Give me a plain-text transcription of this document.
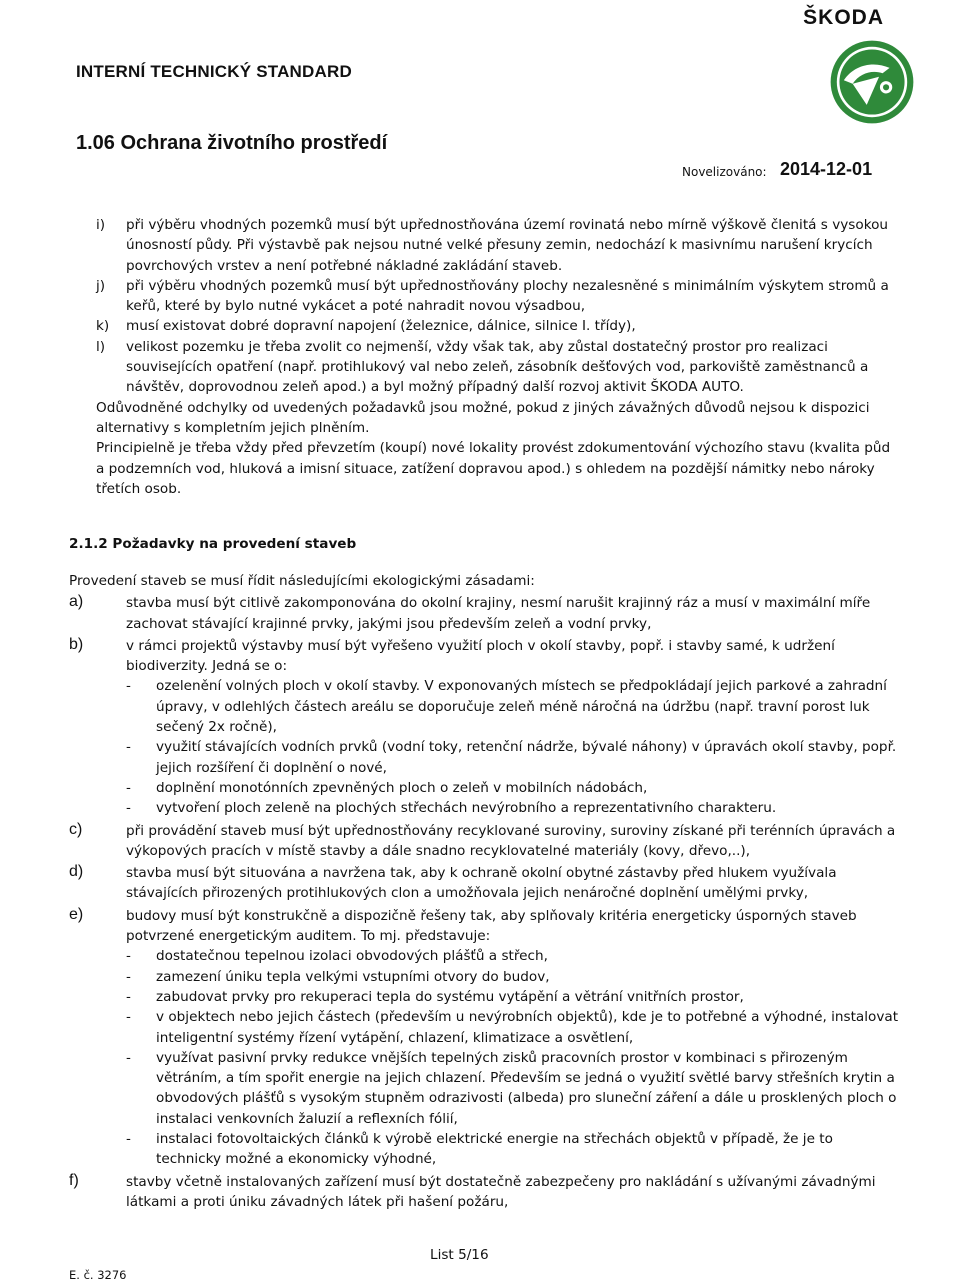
ŠKODA
INTERNÍ TECHNICKÝ STANDARD
1.06 Ochrana životního prostředí
Novelizováno: 2014-12-01
i) při výběru vhodných pozemků musí být upřednostňována území rovinatá nebo mírně výškově členitá s vysokou únosností půdy. Při výstavbě pak nejsou nutné velké přesuny zemin, nedochází k masivnímu narušení krycích povrchových vrstev a není potřebné nákladné zakládání staveb.
j) při výběru vhodných pozemků musí být upřednostňovány plochy nezalesněné s minimálním výskytem stromů a keřů, které by bylo nutné vykácet a poté nahradit novou výsadbou,
k) musí existovat dobré dopravní napojení (železnice, dálnice, silnice I. třídy),
l) velikost pozemku je třeba zvolit co nejmenší, vždy však tak, aby zůstal dostatečný prostor pro realizaci souvisejících opatření (např. protihlukový val nebo zeleň, zásobník dešťových vod, parkoviště zaměstnanců a návštěv, doprovodnou zeleň apod.) a byl možný případný další rozvoj aktivit ŠKODA AUTO.
Odůvodněné odchylky od uvedených požadavků jsou možné, pokud z jiných závažných důvodů nejsou k dispozici alternativy s kompletním jejich plněním.
Principielně je třeba vždy před převzetím (koupí) nové lokality provést zdokumentování výchozího stavu (kvalita půd a podzemních vod, hluková a imisní situace, zatížení dopravou apod.) s ohledem na pozdější námitky nebo nároky třetích osob.
2.1.2 Požadavky na provedení staveb
Provedení staveb se musí řídit následujícími ekologickými zásadami:
a)	stavba musí být citlivě zakomponována do okolní krajiny, nesmí narušit krajinný ráz a musí v maximální míře zachovat stávající krajinné prvky, jakými jsou především zeleň a vodní prvky,
b)	v rámci projektů výstavby musí být vyřešeno využití ploch v okolí stavby, popř. i stavby samé, k udržení biodiverzity. Jedná se o:
- ozelenění volných ploch v okolí stavby. V exponovaných místech se předpokládají jejich parkové a zahradní úpravy, v odlehlých částech areálu se doporučuje zeleň méně náročná na údržbu (např. travní porost luk sečený 2x ročně),
- využití stávajících vodních prvků (vodní toky, retenční nádrže, bývalé náhony) v úpravách okolí stavby, popř. jejich rozšíření či doplnění o nové,
- doplnění monotónních zpevněných ploch o zeleň v mobilních nádobách,
- vytvoření ploch zeleně na plochých střechách nevýrobního a reprezentativního charakteru.
c)	při provádění staveb musí být upřednostňovány recyklované suroviny, suroviny získané při terénních úpravách a výkopových pracích v místě stavby a dále snadno recyklovatelné materiály (kovy, dřevo,..),
d)	stavba musí být situována a navržena tak, aby k ochraně okolní obytné zástavby před hlukem využívala stávajících přirozených protihlukových clon a umožňovala jejich nenáročné doplnění umělými prvky,
e)	budovy musí být konstrukčně a dispozičně řešeny tak, aby splňovaly kritéria energeticky úsporných staveb potvrzené energetickým auditem. To mj. představuje:
- dostatečnou tepelnou izolaci obvodových plášťů a střech,
- zamezení úniku tepla velkými vstupními otvory do budov,
- zabudovat prvky pro rekuperaci tepla do systému vytápění a větrání vnitřních prostor,
- v objektech nebo jejich částech (především u nevýrobních objektů), kde je to potřebné a výhodné, instalovat inteligentní systémy řízení vytápění, chlazení, klimatizace a osvětlení,
- využívat pasivní prvky redukce vnějších tepelných zisků pracovních prostor v kombinaci s přirozeným větráním, a tím spořit energie na jejich chlazení. Především se jedná o využití světlé barvy střešních krytin a obvodových plášťů s vysokým stupněm odrazivosti (albeda) pro sluneční záření a dále u prosklených ploch o instalaci venkovních žaluzií a reflexních fólií,
- instalaci fotovoltaických článků k výrobě elektrické energie na střechách objektů v případě, že je to technicky možné a ekonomicky výhodné,
f)	stavby včetně instalovaných zařízení musí být dostatečně zabezpečeny pro nakládání s užívanými závadnými látkami a proti úniku závadných látek při hašení požáru,
List 5/16
E. č. 3276
